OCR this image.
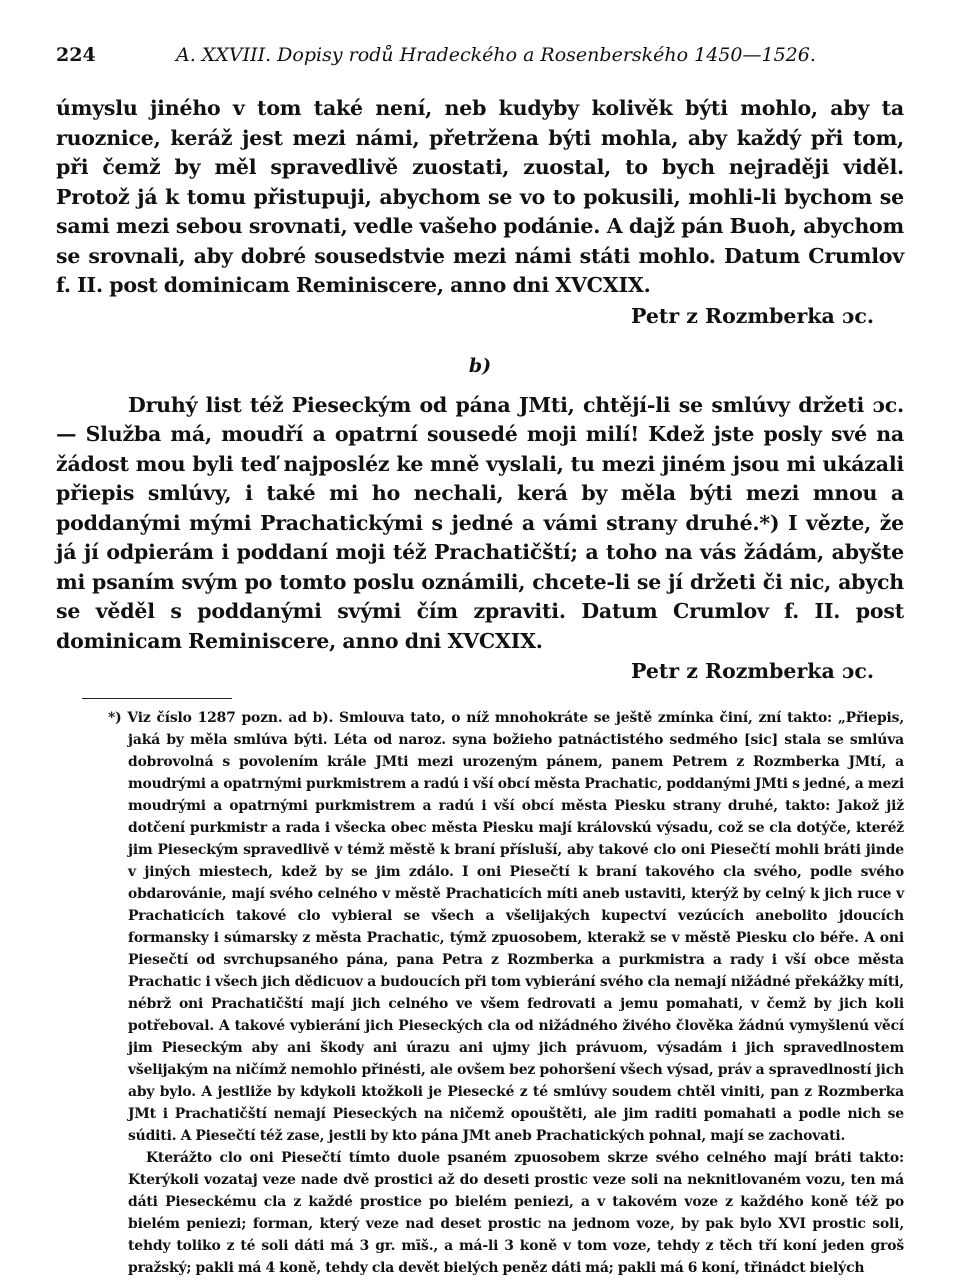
224	A. XXVIII. Dopisy rodů Hradeckého a Rosenberského 1450—1526.

úmyslu jiného v tom také není, neb kudyby kolivěk býti mohlo, aby ta ruoznice, keráž jest mezi námi, přetržena býti mohla, aby každý při tom, při čemž by měl spravedlivě zuostati, zuostal, to bych nejraději viděl. Protož já k tomu přistupuji, abychom se vo to pokusili, mohli-li bychom se sami mezi sebou srovnati, vedle vašeho podánie. A dajž pán Buoh, abychom se srovnali, aby dobré sousedstvie mezi námi státi mohlo. Datum Crumlov f. II. post dominicam Reminiscere, anno dni XVCXIX.

Petr z Rozmberka ɔc.
b)

Druhý list též Pieseckým od pána JMti, chtějí-li se smlúvy držeti ɔc. — Služba má, moudří a opatrní sousedé moji milí! Kdež jste posly své na žádost mou byli teď najposléz ke mně vyslali, tu mezi jiném jsou mi ukázali přiepis smlúvy, i také mi ho nechali, kerá by měla býti mezi mnou a poddanými mými Prachatickými s jedné a vámi strany druhé.*) I vězte, že já jí odpierám i poddaní moji též Prachatičští; a toho na vás žádám, abyšte mi psaním svým po tomto poslu oznámili, chcete-li se jí držeti či nic, abych se věděl s poddanými svými čím zpraviti. Datum Crumlov f. II. post dominicam Reminiscere, anno dni XVCXIX.

Petr z Rozmberka ɔc.

*) Viz číslo 1287 pozn. ad b). Smlouva tato, o níž mnohokráte se ještě zmínka činí, zní takto: „Přiepis, jaká by měla smlúva býti. Léta od naroz. syna božieho patnáctistého sedmého [sic] stala se smlúva dobrovolná s povolením krále JMti mezi urozeným pánem, panem Petrem z Rozmberka JMtí, a moudrými a opatrnými purkmistrem a radú i vší obcí města Prachatic, poddanými JMti s jedné, a mezi moudrými a opatrnými purkmistrem a radú i vší obcí města Piesku strany druhé, takto: Jakož již dotčení purkmistr a rada i všecka obec města Piesku mají královskú výsadu, což se cla dotýče, kteréž jim Pieseckým spravedlivě v témž městě k braní přísluší, aby takové clo oni Piesečtí mohli bráti jinde v jiných miestech, kdež by se jim zdálo. I oni Piesečtí k braní takového cla svého, podle svého obdarovánie, mají svého celného v městě Prachaticích míti aneb ustaviti, kterýž by celný k jich ruce v Prachaticích takové clo vybieral se všech a všelijakých kupectví vezúcích anebolito jdoucích formansky i súmarsky z města Prachatic, týmž zpuosobem, kterakž se v městě Piesku clo béře. A oni Piesečtí od svrchupsaného pána, pana Petra z Rozmberka a purkmistra a rady i vší obce města Prachatic i všech jich dědicuov a budoucích při tom vybierání svého cla nemají nižádné překážky míti, nébrž oni Prachatičští mají jich celného ve všem fedrovati a jemu pomahati, v čemž by jich koli potřeboval. A takové vybierání jich Pieseckých cla od nižádného živého člověka žádnú vymyšlenú věcí jim Pieseckým aby ani škody ani úrazu ani ujmy jich právuom, výsadám i jich spravedlnostem všelijakým na ničímž nemohlo přinésti, ale ovšem bez pohoršení všech výsad, práv a spravedlností jich aby bylo. A jestliže by kdykoli ktožkoli je Piesecké z té smlúvy soudem chtěl viniti, pan z Rozmberka JMt i Prachatičští nemají Pieseckých na ničemž opouštěti, ale jim raditi pomahati a podle nich se súditi. A Piesečtí též zase, jestli by kto pána JMt aneb Prachatických pohnal, mají se zachovati.

Kterážto clo oni Piesečtí tímto duole psaném zpuosobem skrze svého celného mají bráti takto: Kterýkoli vozataj veze nade dvě prostici až do deseti prostic veze soli na neknitlovaném vozu, ten má dáti Pieseckému cla z každé prostice po bielém peniezi, a v takovém voze z každého koně též po bielém peniezi; forman, který veze nad deset prostic na jednom voze, by pak bylo XVI prostic soli, tehdy toliko z té soli dáti má 3 gr. mīš., a má-li 3 koně v tom voze, tehdy z těch tří koní jeden groš pražský; pakli má 4 koně, tehdy cla devět bielých peněz dáti má; pakli má 6 koní, třinádct bielých
